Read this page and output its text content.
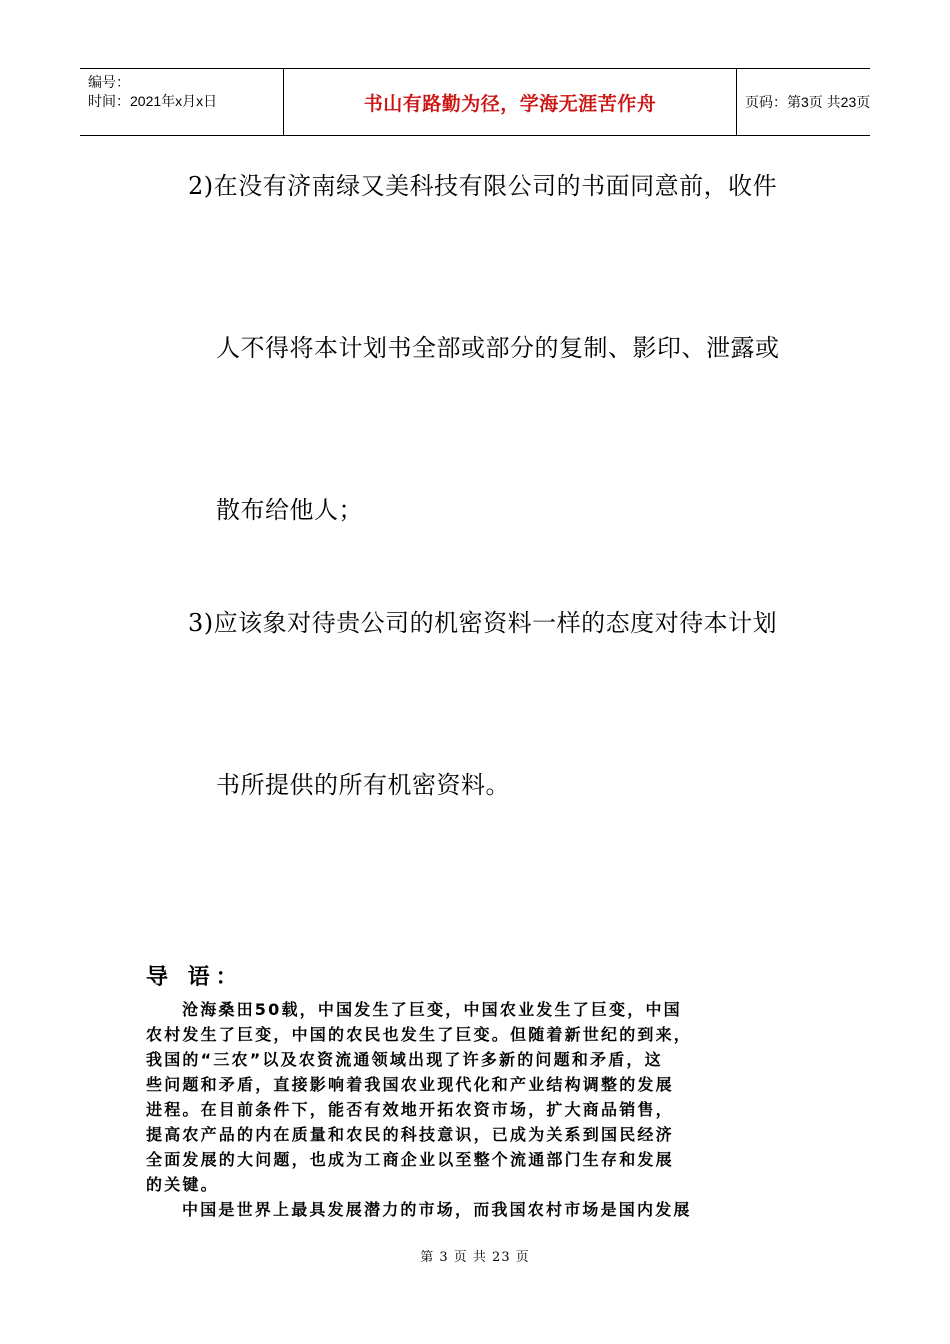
编号：
时间：2021年x月x日	书山有路勤为径，学海无涯苦作舟	页码：第3页 共23页
2)在没有济南绿又美科技有限公司的书面同意前，收件
人不得将本计划书全部或部分的复制、影印、泄露或
散布给他人；
3)应该象对待贵公司的机密资料一样的态度对待本计划
书所提供的所有机密资料。
导 语：
沧海桑田50载，中国发生了巨变，中国农业发生了巨变，中国
农村发生了巨变，中国的农民也发生了巨变。但随着新世纪的到来，
我国的“三农”以及农资流通领域出现了许多新的问题和矛盾，这
些问题和矛盾，直接影响着我国农业现代化和产业结构调整的发展
进程。在目前条件下，能否有效地开拓农资市场，扩大商品销售，
提高农产品的内在质量和农民的科技意识，已成为关系到国民经济
全面发展的大问题，也成为工商企业以至整个流通部门生存和发展
的关键。
中国是世界上最具发展潜力的市场，而我国农村市场是国内发展
第 3 页 共 23 页
